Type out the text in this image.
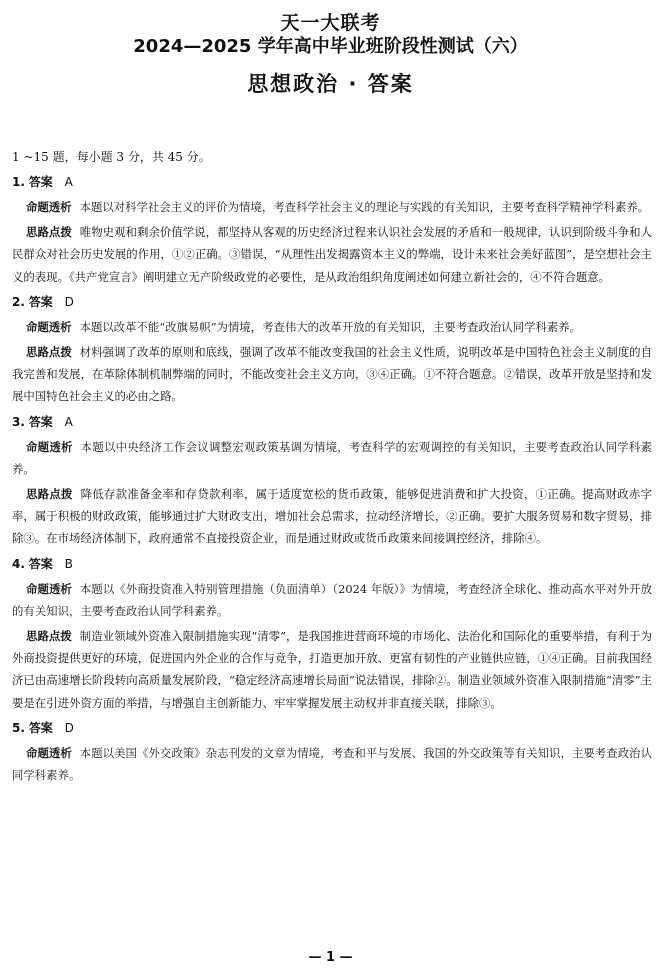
天一大联考
2024—2025 学年高中毕业班阶段性测试（六）
思想政治 · 答案

1 ~15 题，每小题 3 分，共 45 分。

1. 答案 A

命题透析 本题以对科学社会主义的评价为情境，考查科学社会主义的理论与实践的有关知识，主要考查科学精神学科素养。

思路点拨 唯物史观和剩余价值学说，都坚持从客观的历史经济过程来认识社会发展的矛盾和一般规律，认识到阶级斗争和人民群众对社会历史发展的作用，①②正确。③错误，“从理性出发揭露资本主义的弊端，设计未来社会美好蓝图”，是空想社会主义的表现。《共产党宣言》阐明建立无产阶级政党的必要性，是从政治组织角度阐述如何建立新社会的，④不符合题意。

2. 答案 D

命题透析 本题以改革不能“改旗易帜”为情境，考查伟大的改革开放的有关知识，主要考查政治认同学科素养。

思路点拨 材料强调了改革的原则和底线，强调了改革不能改变我国的社会主义性质，说明改革是中国特色社会主义制度的自我完善和发展，在革除体制机制弊端的同时，不能改变社会主义方向，③④正确。①不符合题意。②错误，改革开放是坚持和发展中国特色社会主义的必由之路。

3. 答案 A

命题透析 本题以中央经济工作会议调整宏观政策基调为情境，考查科学的宏观调控的有关知识，主要考查政治认同学科素养。

思路点拨 降低存款准备金率和存贷款利率，属于适度宽松的货币政策，能够促进消费和扩大投资，①正确。提高财政赤字率，属于积极的财政政策，能够通过扩大财政支出，增加社会总需求，拉动经济增长，②正确。要扩大服务贸易和数字贸易，排除③。在市场经济体制下，政府通常不直接投资企业，而是通过财政或货币政策来间接调控经济，排除④。

4. 答案 B

命题透析 本题以《外商投资准入特别管理措施（负面清单）（2024 年版）》为情境，考查经济全球化、推动高水平对外开放的有关知识，主要考查政治认同学科素养。

思路点拨 制造业领域外资准入限制措施实现“清零”，是我国推进营商环境的市场化、法治化和国际化的重要举措，有利于为外商投资提供更好的环境，促进国内外企业的合作与竞争，打造更加开放、更富有韧性的产业链供应链，①④正确。目前我国经济已由高速增长阶段转向高质量发展阶段，“稳定经济高速增长局面”说法错误，排除②。制造业领域外资准入限制措施“清零”主要是在引进外资方面的举措，与增强自主创新能力、牢牢掌握发展主动权并非直接关联，排除③。

5. 答案 D

命题透析 本题以美国《外交政策》杂志刊发的文章为情境，考查和平与发展、我国的外交政策等有关知识，主要考查政治认同学科素养。

— 1 —
